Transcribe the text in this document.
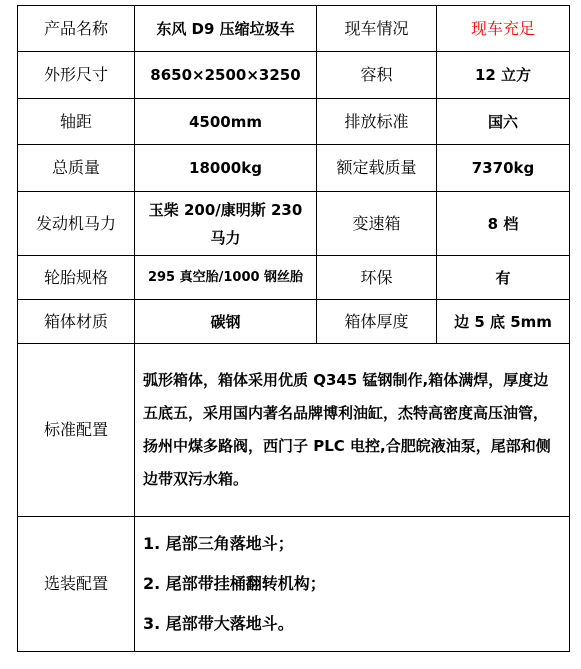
产品名称	东风 D9 压缩垃圾车	现车情况	现车充足
外形尺寸	8650×2500×3250	容积	12 立方
轴距	4500mm	排放标准	国六
总质量	18000kg	额定载质量	7370kg
发动机马力	玉柴 200/康明斯 230 马力	变速箱	8 档
轮胎规格	295 真空胎/1000 钢丝胎	环保	有
箱体材质	碳钢	箱体厚度	边 5 底 5mm
标准配置	弧形箱体，箱体采用优质 Q345 锰钢制作,箱体满焊，厚度边五底五，采用国内著名品牌博利油缸，杰特高密度高压油管，扬州中煤多路阀，西门子 PLC 电控,合肥皖液油泵，尾部和侧边带双污水箱。		
选装配置	1. 尾部三角落地斗；
2. 尾部带挂桶翻转机构；
3. 尾部带大落地斗。		
